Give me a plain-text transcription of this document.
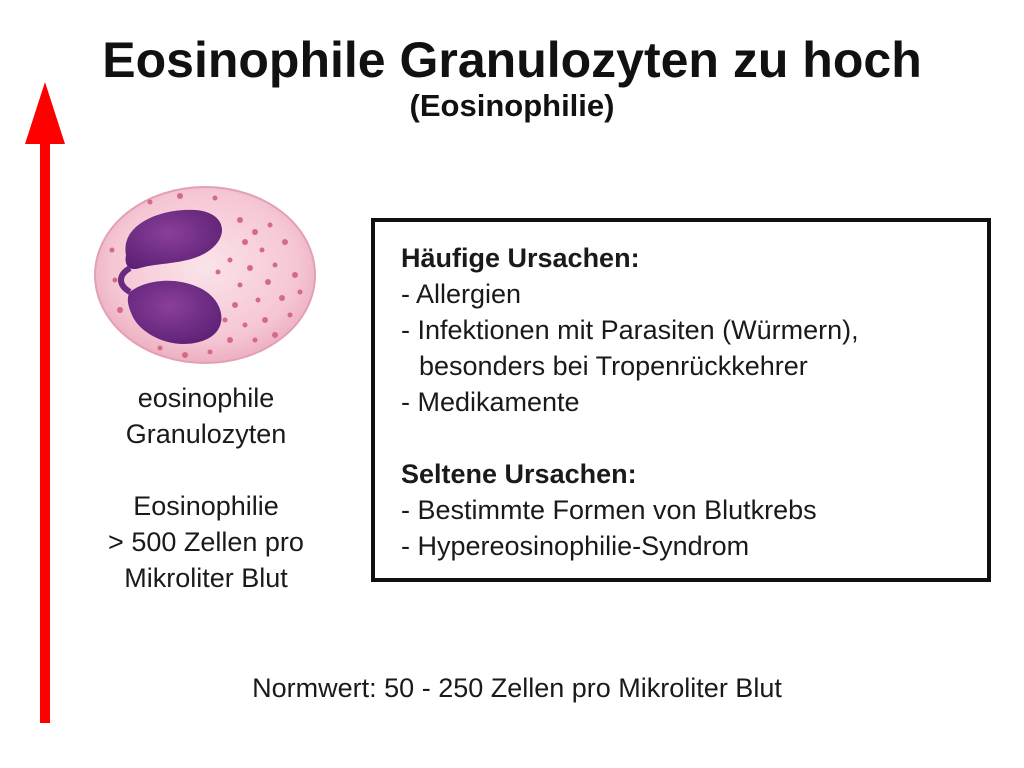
Eosinophile Granulozyten zu hoch
(Eosinophilie)
eosinophile
Granulozyten
Eosinophilie
> 500 Zellen pro
Mikroliter Blut
Häufige Ursachen:
- Allergien
- Infektionen mit Parasiten (Würmern),
besonders bei Tropenrückkehrer
- Medikamente
Seltene Ursachen:
- Bestimmte Formen von Blutkrebs
- Hypereosinophilie-Syndrom
Normwert: 50 - 250 Zellen pro Mikroliter Blut
